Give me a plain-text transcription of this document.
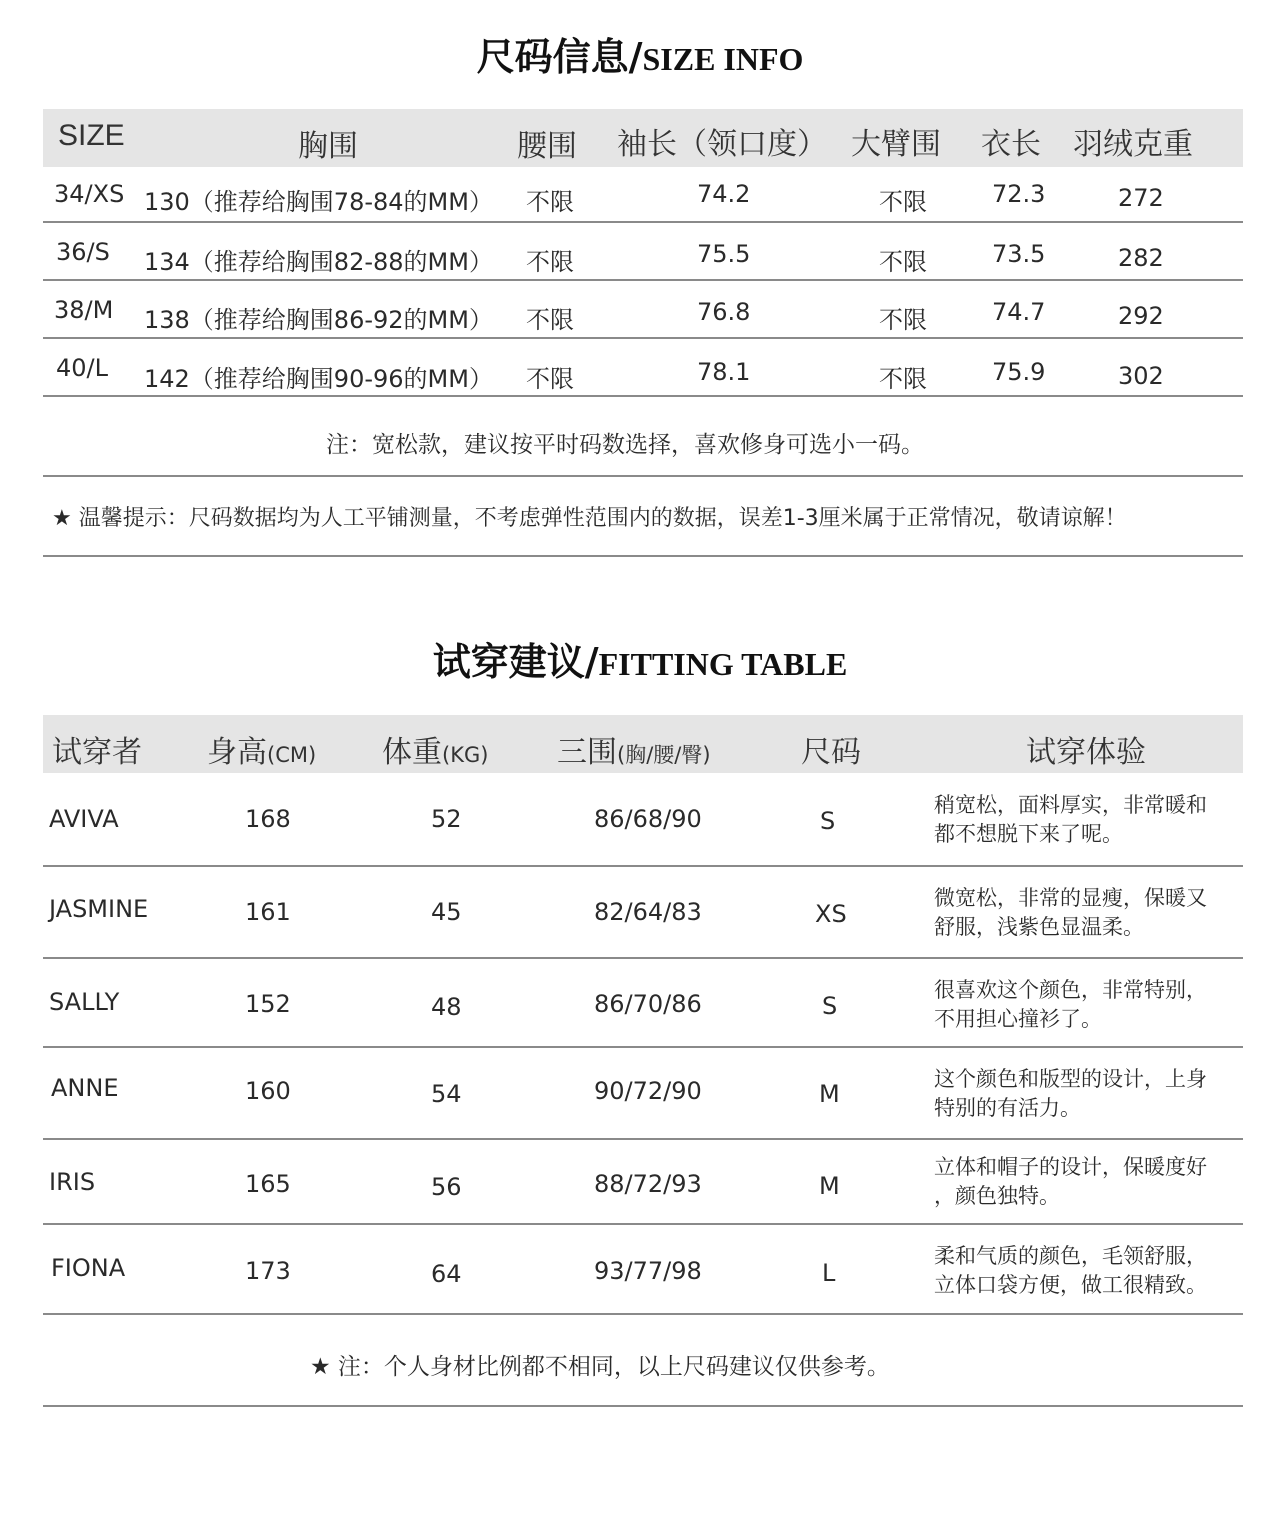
尺码信息/SIZE INFO
SIZE	胸围	腰围 袖长（领口度） 大臂围 衣长 羽绒克重
34/XS 130（推荐给胸围78-84的MM） 不限	74.2	不限	72.3	272
36/S 134（推荐给胸围82-88的MM） 不限	75.5	不限	73.5	282
38/M 138（推荐给胸围86-92的MM） 不限	76.8	不限	74.7	292
40/L 142（推荐给胸围90-96的MM） 不限	78.1	不限	75.9	302
注：宽松款，建议按平时码数选择，喜欢修身可选小一码。
★ 温馨提示：尺码数据均为人工平铺测量，不考虑弹性范围内的数据，误差1-3厘米属于正常情况，敬请谅解！
试穿建议/FITTING TABLE
试穿者 身高(CM) 体重(KG) 三围(胸/腰/臀)	尺码	试穿体验
AVIVA	168	52	86/68/90	S
稍宽松，面料厚实，非常暖和
都不想脱下来了呢。
JASMINE	161	45	82/64/83	XS
微宽松，非常的显瘦，保暖又
舒服，浅紫色显温柔。
SALLY	152	48	86/70/86	S
很喜欢这个颜色，非常特别，
不用担心撞衫了。
ANNE	160	54	90/72/90	M
这个颜色和版型的设计，上身
特别的有活力。
IRIS	165	56	88/72/93	M
立体和帽子的设计，保暖度好
，颜色独特。
FIONA	173	64	93/77/98	L
柔和气质的颜色，毛领舒服，
立体口袋方便，做工很精致。
★ 注：个人身材比例都不相同，以上尺码建议仅供参考。
